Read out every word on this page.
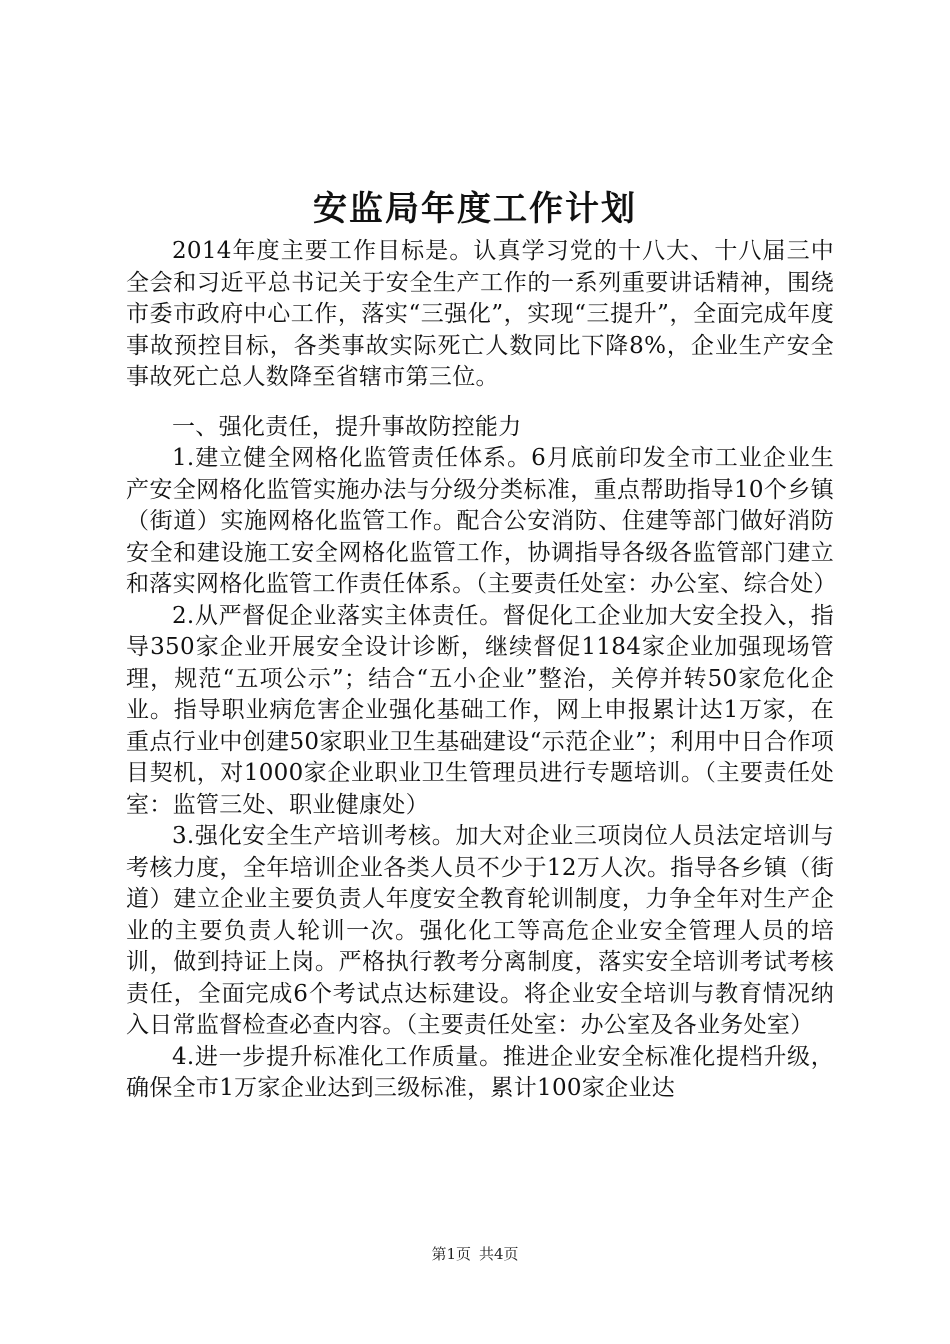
安监局年度工作计划

2014年度主要工作目标是。认真学习党的十八大、十八届三中全会和习近平总书记关于安全生产工作的一系列重要讲话精神，围绕市委市政府中心工作，落实“三强化”，实现“三提升”，全面完成年度事故预控目标，各类事故实际死亡人数同比下降8%，企业生产安全事故死亡总人数降至省辖市第三位。

一、强化责任，提升事故防控能力

1.建立健全网格化监管责任体系。6月底前印发全市工业企业生产安全网格化监管实施办法与分级分类标准，重点帮助指导10个乡镇（街道）实施网格化监管工作。配合公安消防、住建等部门做好消防安全和建设施工安全网格化监管工作，协调指导各级各监管部门建立和落实网格化监管工作责任体系。（主要责任处室：办公室、综合处）

2.从严督促企业落实主体责任。督促化工企业加大安全投入，指导350家企业开展安全设计诊断，继续督促1184家企业加强现场管理，规范“五项公示”；结合“五小企业”整治，关停并转50家危化企业。指导职业病危害企业强化基础工作，网上申报累计达1万家，在重点行业中创建50家职业卫生基础建设“示范企业”；利用中日合作项目契机，对1000家企业职业卫生管理员进行专题培训。（主要责任处室：监管三处、职业健康处）

3.强化安全生产培训考核。加大对企业三项岗位人员法定培训与考核力度，全年培训企业各类人员不少于12万人次。指导各乡镇（街道）建立企业主要负责人年度安全教育轮训制度，力争全年对生产企业的主要负责人轮训一次。强化化工等高危企业安全管理人员的培训，做到持证上岗。严格执行教考分离制度，落实安全培训考试考核责任，全面完成6个考试点达标建设。将企业安全培训与教育情况纳入日常监督检查必查内容。（主要责任处室：办公室及各业务处室）

4.进一步提升标准化工作质量。推进企业安全标准化提档升级，确保全市1万家企业达到三级标准，累计100家企业达

第1页 共4页
